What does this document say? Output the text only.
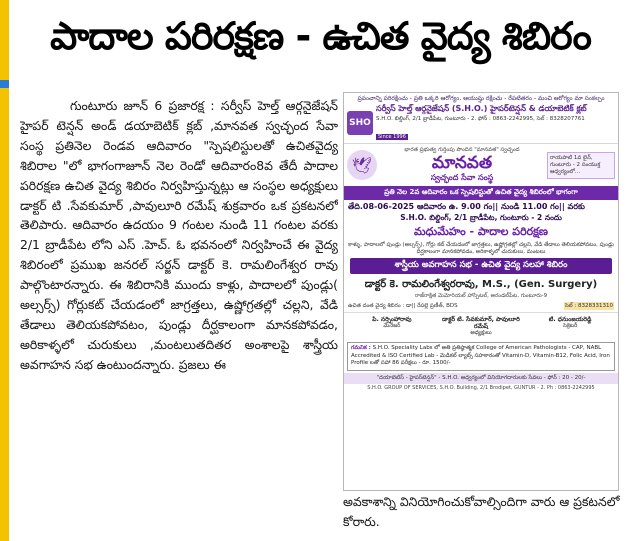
పాదాల పరిరక్షణ - ఉచిత వైద్య శిబిరం
గుంటూరు జూన్ 6 ప్రజారక్ష : సర్వీస్ హెల్త్ ఆర్గనైజేషన్ హైపర్ టెన్షన్ అండ్ డయాబెటిక్ క్లబ్ ,మానవత స్వచ్ఛంద సేవా సంస్థ ప్రతినెల రెండవ ఆదివారం "స్పెషలిస్టులతో ఉచితవైద్య శిబిరాల "లో భాగంగాజూన్ నెల రెండో ఆదివారం8వ తేదీ పాదాల పరిరక్షణ ఉచిత వైద్య శిబిరం నిర్వహిస్తున్నట్లు ఆ సంస్థల అధ్యక్షులు డాక్టర్ టి .సేవకుమార్ ,పావులూరి రమేష్ శుక్రవారం ఒక ప్రకటనలో తెలిపారు. ఆదివారం ఉదయం 9 గంటల నుండి 11 గంటల వరకు 2/1 బ్రాడీపేట లోని ఎస్ .హెచ్. ఓ భవనంలో నిర్వహించే ఈ వైద్య శిబిరంలో ప్రముఖ జనరల్ సర్జన్ డాక్టర్ కె. రామలింగేశ్వర రావు పాల్గొంటారన్నారు. ఈ శిబిరానికి ముందు కాళ్లు, పాదాలలో పుండ్లు( అల్సర్స్) గోర్లుకట్ చేయడంలో జాగ్రత్తలు, ఉష్ణోగ్రతల్లో చల్లని, వేడి తేడాలు తెలియకపోవటం, పుండ్లు దీర్ఘకాలంగా మానకపోవడం, అరికాళ్ళలో చురుకులు ,మంటలుతదితర అంశాలపై శాస్త్రీయ అవగాహన సభ ఉంటుందన్నారు. ప్రజలు ఈ
ప్రపంచాన్ని పరిరక్షించు - ప్రతి ఒక్కరి ఆరోగ్యం, ఆయుష్షు రక్షించు - రేపటితరం - మంచి ఆరోగ్యం మా సంకల్పం
SHO
సర్వీస్ హెల్త్ ఆర్గనైజేషన్ (S.H.O.) హైపర్‌టెన్షన్ & డయాబెటిక్ క్లబ్
S.H.O. బిల్డింగ్, 2/1 బ్రాడీపేట, గుంటూరు - 2. ఫోన్ : 0863-2242995, సెల్ : 8328207761
Since 1996
🕊
భారత ప్రభుత్వ గుర్తింపు పొందిన "మానవత" స్వచ్ఛంద
మానవత
స్వచ్ఛంద సేవా సంస్థ
రాయపాటి 1వ లైన్, గుంటూరు - 2 సంయుక్త ఆధ్వర్యంలో...
ప్రతి నెల 2వ ఆదివారం ఒక స్పెషలిస్టుతో ఉచిత వైద్య శిబిరంలో భాగంగా
తేది.08-06-2025 ఆదివారం ఉ. 9.00 గం|| నుండి 11.00 గం|| వరకు
S.H.O. బిల్డింగ్, 2/1 బ్రాడీపేట, గుంటూరు - 2 నందు
మధుమేహం - పాదాల పరిరక్షణ
కాళ్ళు, పాదాలలో పుండ్లు (అల్సర్స్), గోర్లు కట్ చేయడంలో జాగ్రత్తలు, ఉష్ణోగ్రతల్లో చల్లని, వేడి తేడాలు తెలియకపోవటం, పుండ్లు దీర్ఘకాలంగా మానకపోవడం, అరికాళ్ళలో చురుకులు, మంటలు
శాస్త్రీయ అవగాహన సభ - ఉచిత వైద్య సలహా శిబిరం
డాక్టర్ కె. రామలింగేశ్వరరావు, M.S., (Gen. Surgery)
రాజ్‌రాక్షిత మెమోరియల్ హాస్పిటల్, అరండల్‌పేట, గుంటూరు-9
ఉచిత దంత వైద్య శిబిరం : డా|| రేపల్లె ప్రణీత్, BDS	సెల్ : 8328331310
పి. నర్సింహారావు
మేనేజర్
డాక్టర్ టి. సేవకుమార్, పావులూరి రమేష్
అధ్యక్షులు
టి. ధనుంజయరెడ్డి
సెక్రెటరీ
గమనిక : S.H.O. Speciality Labs లో అతి ప్రతిష్ఠాత్మక College of American Pathologists - CAP, NABL Accredited & ISO Certified Lab - మెడికల్ ల్యాబ్స్ సహకారంతో Vitamin-D, Vitamin-B12, Folic Acid, Iron Profile లతో సహా 86 పరీక్షలు - రూ. 1500/-
"దయాబెటిస్ - హైపర్‌టెన్షన్" - S.H.O. ఆధ్వర్యంలో వినియోగదారులకు సేవలు - ఫోన్ : 20 - 20/-
S.H.O. GROUP OF SERVICES, S.H.O. Building, 2/1 Brodipet, GUNTUR - 2. Ph : 0863-2242995
అవకాశాన్ని వినియోగించుకోవాల్సిందిగా వారు ఆ ప్రకటనలో కోరారు.
